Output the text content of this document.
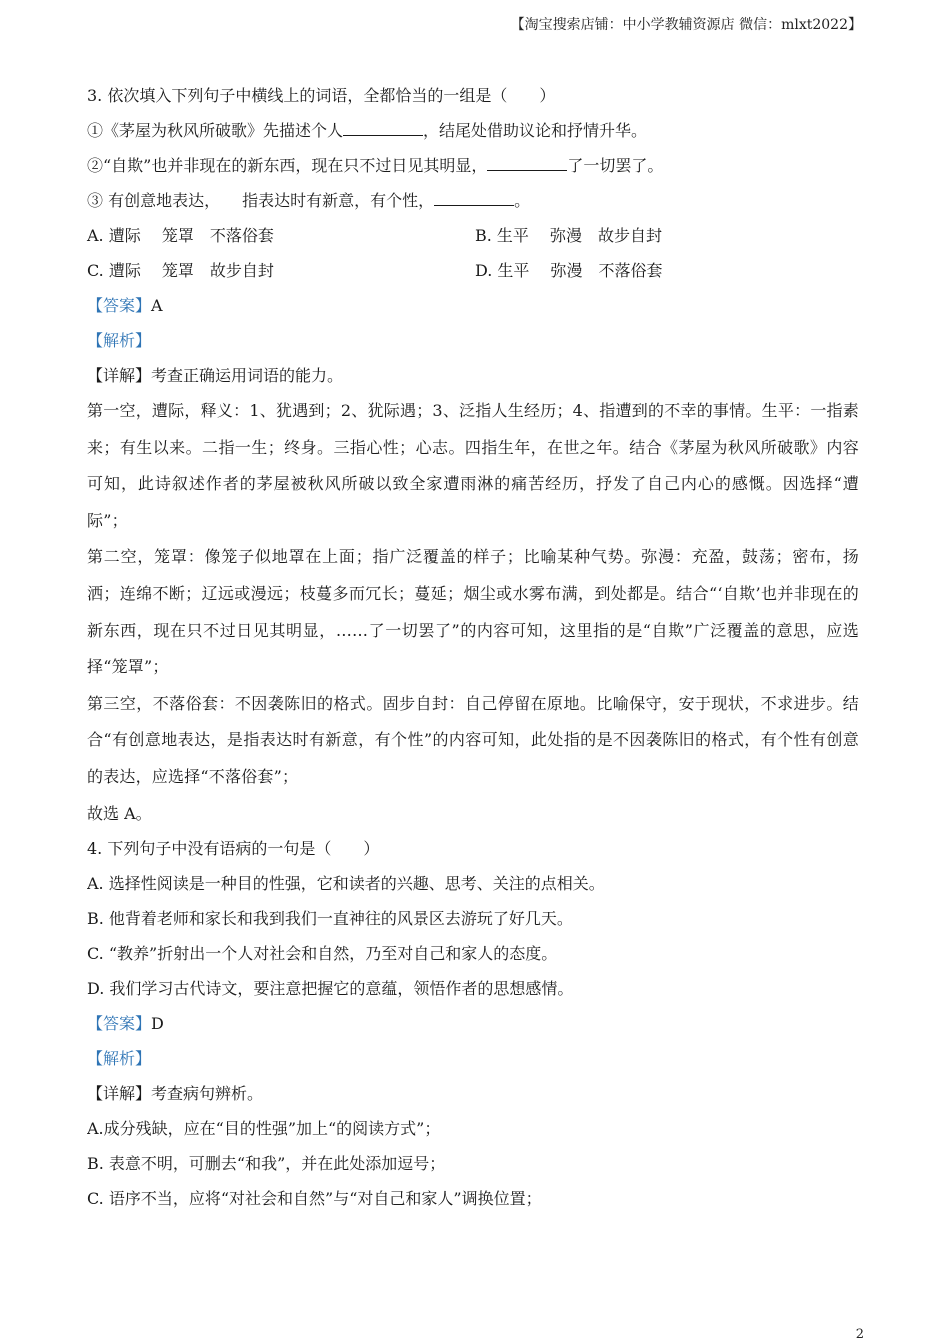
【淘宝搜索店铺：中小学教辅资源店 微信：mlxt2022】
3. 依次填入下列句子中横线上的词语，全都恰当的一组是（　　）
①《茅屋为秋风所破歌》先描述个人	，结尾处借助议论和抒情升华。
②“自欺”也并非现在的新东西，现在只不过日见其明显，	了一切罢了。
③ 有创意地表达， 指表达时有新意，有个性，	。
A. 遭际　 笼罩　不落俗套	B. 生平　 弥漫　故步自封
C. 遭际　 笼罩　故步自封	D. 生平　 弥漫　不落俗套
【答案】A
【解析】
【详解】考查正确运用词语的能力。
第一空，遭际，释义：1、犹遇到；2、犹际遇；3、泛指人生经历；4、指遭到的不幸的事情。生平：一指素来；有生以来。二指一生；终身。三指心性；心志。四指生年，在世之年。结合《茅屋为秋风所破歌》内容可知，此诗叙述作者的茅屋被秋风所破以致全家遭雨淋的痛苦经历，抒发了自己内心的感慨。因选择“遭际”；
第二空，笼罩：像笼子似地罩在上面；指广泛覆盖的样子；比喻某种气势。弥漫：充盈，鼓荡；密布，扬洒；连绵不断；辽远或漫远；枝蔓多而冗长；蔓延；烟尘或水雾布满，到处都是。结合“‘自欺’也并非现在的新东西，现在只不过日见其明显，……了一切罢了”的内容可知，这里指的是“自欺”广泛覆盖的意思，应选择“笼罩”；
第三空，不落俗套：不因袭陈旧的格式。固步自封：自己停留在原地。比喻保守，安于现状，不求进步。结合“有创意地表达，是指表达时有新意，有个性”的内容可知，此处指的是不因袭陈旧的格式，有个性有创意的表达，应选择“不落俗套”；
故选 A。
4. 下列句子中没有语病的一句是（　　）
A. 选择性阅读是一种目的性强，它和读者的兴趣、思考、关注的点相关。
B. 他背着老师和家长和我到我们一直神往的风景区去游玩了好几天。
C. “教养”折射出一个人对社会和自然，乃至对自己和家人的态度。
D. 我们学习古代诗文，要注意把握它的意蕴，领悟作者的思想感情。
【答案】D
【解析】
【详解】考查病句辨析。
A.成分残缺，应在“目的性强”加上“的阅读方式”；
B. 表意不明，可删去“和我”，并在此处添加逗号；
C. 语序不当，应将“对社会和自然”与“对自己和家人”调换位置；
2
